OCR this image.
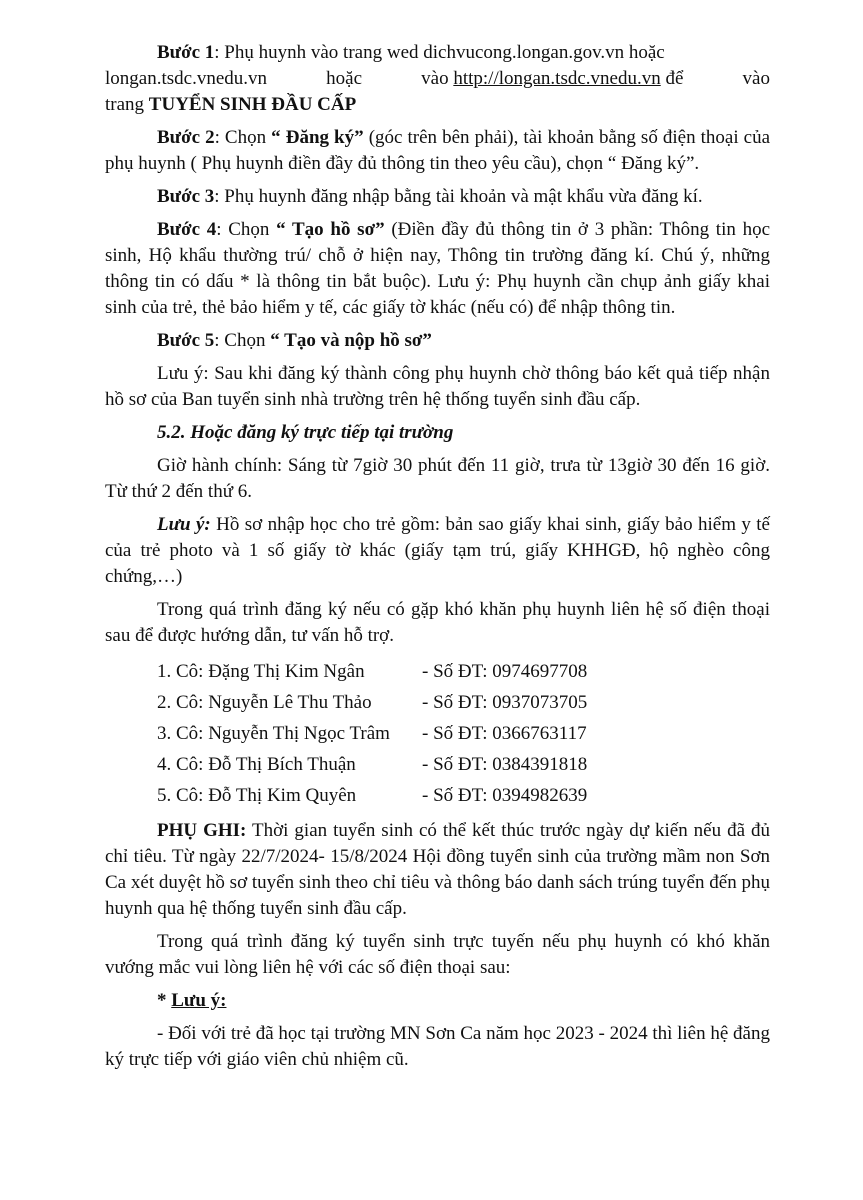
Bước 1: Phụ huynh vào trang wed dichvucong.longan.gov.vn hoặc

longan.tsdc.vnedu.vn	hoặc	vào http://longan.tsdc.vnedu.vn để	vào

trang TUYỂN SINH ĐẦU CẤP

Bước 2: Chọn “ Đăng ký” (góc trên bên phải), tài khoản bằng số điện thoại của phụ huynh ( Phụ huynh điền đầy đủ thông tin theo yêu cầu), chọn “ Đăng ký”.

Bước 3: Phụ huynh đăng nhập bằng tài khoản và mật khẩu vừa đăng kí.

Bước 4: Chọn “ Tạo hồ sơ” (Điền đầy đủ thông tin ở 3 phần: Thông tin học sinh, Hộ khẩu thường trú/ chỗ ở hiện nay, Thông tin trường đăng kí. Chú ý, những thông tin có dấu * là thông tin bắt buộc). Lưu ý: Phụ huynh cần chụp ảnh giấy khai sinh của trẻ, thẻ bảo hiểm y tế, các giấy tờ khác (nếu có) để nhập thông tin.

Bước 5: Chọn “ Tạo và nộp hồ sơ”

Lưu ý: Sau khi đăng ký thành công phụ huynh chờ thông báo kết quả tiếp nhận hồ sơ của Ban tuyển sinh nhà trường trên hệ thống tuyển sinh đầu cấp.

5.2. Hoặc đăng ký trực tiếp tại trường

Giờ hành chính: Sáng từ 7giờ 30 phút đến 11 giờ, trưa từ 13giờ 30 đến 16 giờ. Từ thứ 2 đến thứ 6.

Lưu ý: Hồ sơ nhập học cho trẻ gồm: bản sao giấy khai sinh, giấy bảo hiểm y tế của trẻ photo và 1 số giấy tờ khác (giấy tạm trú, giấy KHHGĐ, hộ nghèo công chứng,…)

Trong quá trình đăng ký nếu có gặp khó khăn phụ huynh liên hệ số điện thoại sau để được hướng dẫn, tư vấn hỗ trợ.

1. Cô: Đặng Thị Kim Ngân	- Số ĐT: 0974697708
2. Cô: Nguyễn Lê Thu Thảo	- Số ĐT: 0937073705
3. Cô: Nguyễn Thị Ngọc Trâm	- Số ĐT: 0366763117
4. Cô: Đỗ Thị Bích Thuận	- Số ĐT: 0384391818
5. Cô: Đỗ Thị Kim Quyên	- Số ĐT: 0394982639

PHỤ GHI: Thời gian tuyển sinh có thể kết thúc trước ngày dự kiến nếu đã đủ chỉ tiêu. Từ ngày 22/7/2024- 15/8/2024 Hội đồng tuyển sinh của trường mầm non Sơn Ca xét duyệt hồ sơ tuyển sinh theo chỉ tiêu và thông báo danh sách trúng tuyển đến phụ huynh qua hệ thống tuyển sinh đầu cấp.

Trong quá trình đăng ký tuyển sinh trực tuyến nếu phụ huynh có khó khăn vướng mắc vui lòng liên hệ với các số điện thoại sau:

* Lưu ý:

- Đối với trẻ đã học tại trường MN Sơn Ca năm học 2023 - 2024 thì liên hệ đăng ký trực tiếp với giáo viên chủ nhiệm cũ.
